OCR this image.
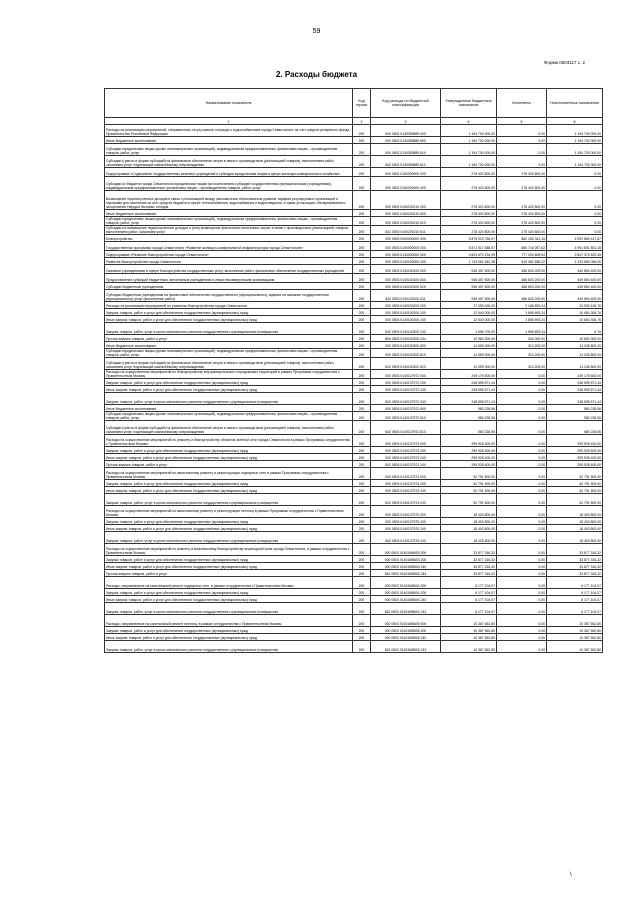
59
Форма 0503117 с. 2
2. Расходы бюджета
Наименование показателя	Код строки	Код расхода по бюджетной классификации	Утвержденные бюджетные назначения	Исполнено	Неисполненные назначения
1	2	3	4	5	6
Расходы на реализацию мероприятий, направленных на улучшение ситуации с водоснабжением города Севастополя, за счет средств резервного фонда Правительства Российской Федерации	200	000 0502 0130359889 000	1 194 700 000,00	0,00	1 194 700 000,00
Иные бюджетные ассигнования	200	000 0502 0130359889 800	1 194 700 000,00	0,00	1 194 700 000,00
Субсидии юридическим лицам (кроме некоммерческих организаций), индивидуальным предпринимателям, физическим лицам – производителям товаров, работ, услуг	200	000 0502 0130359889 810	1 194 700 000,00	0,00	1 194 700 000,00
Субсидии (гранты в форме субсидий) на финансовое обеспечение затрат в связи с производством (реализацией товаров), выполнением работ, оказанием услуг, подлежащие казначейскому сопровождению	200	842 0502 0130359889 812	1 194 700 000,00	0,00	1 194 700 000,00
Подпрограмма «Содержание государственных казенных учреждений и субсидии юридическим лицам в сфере жилищно-коммунального хозяйства»	200	000 0502 0160000000 000	278 420 800,00	278 420 800,00	0,00
Субсидии из бюджета города Севастополя юридическим лицам (за исключением субсидий государственным (муниципальным) учреждениям), индивидуальным предпринимателям, физическим лицам – производителям товаров, работ, услуг	200	000 0502 0160200000 000	278 420 800,00	278 420 800,00	0,00
Возмещение недополученных доходов в связи с реализацией между экономически обоснованным уровнем тарифов регулируемых организаций и тарифами для населения за счет средств бюджета в сфере теплоснабжения, водоснабжения и водоотведения, а также утилизации, обезвреживания и захоронения твердых бытовых отходов	200	000 0502 0160200210 000	278 420 800,00	278 420 800,00	0,00
Иные бюджетные ассигнования	200	000 0502 0160200210 800	278 420 800,00	278 420 800,00	0,00
Субсидии юридическим лицам (кроме некоммерческих организаций), индивидуальным предпринимателям, физическим лицам – производителям товаров, работ, услуг	200	000 0502 0160200210 810	278 420 800,00	278 420 800,00	0,00
Субсидии на возмещение недополученных доходов и (или) возмещение фактически понесенных затрат в связи с производством (реализацией) товаров, выполнением работ, оказанием услуг	200	842 0502 0160200210 811	278 420 800,00	278 420 800,00	0,00
Благоустройство	200	000 0503 0000000000 000	5 875 023 756,97	882 163 341,15	4 992 869 417,87
Государственная программа города Севастополя «Развитие жилищно-коммунальной инфраструктуры города Севастополя»	200	000 0503 0100000000 000	5 872 517 858,97	880 716 057,62	4 991 801 801,15
Подпрограмма «Развитие благоустройства города Севастополя»	200	000 0503 0140000000 000	3 624 670 134,99	777 294 605,54	2 847 375 529,45
Развитие благоустройства города Севастополя	200	000 0503 0140100000 000	1 743 062 542,38	519 482 486,22	1 223 680 056,06
Оказание учреждениями в сфере благоустройства государственных услуг, выполнение работ, финансовое обеспечение государственных учреждений	200	000 0503 0140100100 000	936 457 600,00	486 603 200,00	449 854 400,00
Предоставление субсидий бюджетным, автономным учреждениям и иным некоммерческим организациям	200	000 0503 0140100100 600	936 457 600,00	486 603 200,00	449 854 400,00
Субсидии бюджетным учреждениям	200	000 0503 0140100100 610	936 457 600,00	486 603 200,00	449 854 400,00
Субсидии бюджетным учреждениям на финансовое обеспечение государственного (муниципального) задания на оказание государственных (муниципальных) услуг (выполнение работ)	200	842 0503 0140100100 611	936 457 600,00	486 603 200,00	449 854 400,00
Расходы на реализацию мероприятий по развитию благоустройства города Севастополя	200	000 0503 0140100200 000	27 099 000,00	2 168 893,24	24 930 106,76
Закупка товаров, работ и услуг для обеспечения государственных (муниципальных) нужд	200	000 0503 0140100200 200	12 540 000,00	1 855 693,24	10 684 306,76
Иные закупки товаров, работ и услуг для обеспечения государственных (муниципальных) нужд	200	000 0503 0140100200 240	12 540 000,00	1 855 693,24	10 684 306,76
Закупка товаров, работ, услуг в целях капитального ремонта государственного (муниципального) имущества	200	842 0503 0140100200 243	1 555 700,00	1 555 693,24	6,76
Прочая закупка товаров, работ и услуг	200	864 0503 0140100200 244	10 984 300,00	300 000,00	10 684 300,00
Иные бюджетные ассигнования	200	000 0503 0140100200 800	14 559 000,00	313 200,00	14 245 800,00
Субсидии юридическим лицам (кроме некоммерческих организаций), индивидуальным предпринимателям, физическим лицам – производителям товаров, работ, услуг	200	000 0503 0140100200 810	14 559 000,00	313 200,00	14 245 800,00
Субсидии (гранты в форме субсидий) на финансовое обеспечение затрат в связи с производством (реализацией товаров), выполнением работ, оказанием услуг, подлежащие казначейскому сопровождению	200	842 0503 0140100200 813	14 559 000,00	313 200,00	14 245 800,00
Расходы на осуществление мероприятий по благоустройству внутриквартальных и придомовых территорий в рамках Программы сотрудничества с Правительством Москвы	200	000 0503 0140137972 000	249 175 600,00	0,00	249 175 600,00
Закупка товаров, работ и услуг для обеспечения государственных (муниципальных) нужд	200	000 0503 0140137972 200	248 595 571,44	0,00	248 595 571,44
Иные закупки товаров, работ и услуг для обеспечения государственных (муниципальных) нужд	200	000 0503 0140137972 240	248 595 571,44	0,00	248 595 571,44
Закупка товаров, работ, услуг в целях капитального ремонта государственного (муниципального) имущества	200	842 0503 0140137972 243	248 595 571,44	0,00	248 595 571,44
Иные бюджетные ассигнования	200	000 0503 0140137972 800	580 228,56	0,00	580 228,56
Субсидии юридическим лицам (кроме некоммерческих организаций), индивидуальным предпринимателям, физическим лицам – производителям товаров, работ, услуг	200	000 0503 0140137972 810	580 228,56	0,00	580 228,56
Субсидии (гранты в форме субсидий) на финансовое обеспечение затрат в связи с производством (реализацией товаров), выполнением работ, оказанием услуг, подлежащие казначейскому сопровождению	200	842 0503 0140137972 813	580 228,56	0,00	580 228,56
Расходы на осуществление мероприятий по ремонту и благоустройству объектов зеленой сети города Севастополя в рамках Программы сотрудничества с Правительством Москвы	200	000 0503 0140137973 000	299 928 400,00	0,00	299 928 400,00
Закупка товаров, работ и услуг для обеспечения государственных (муниципальных) нужд	200	000 0503 0140137973 200	299 928 400,00	0,00	299 928 400,00
Иные закупки товаров, работ и услуг для обеспечения государственных (муниципальных) нужд	200	000 0503 0140137973 240	299 928 400,00	0,00	299 928 400,00
Прочая закупка товаров, работ и услуг	200	842 0503 0140137973 244	299 928 400,00	0,00	299 928 400,00
Расходы на осуществление мероприятий по капитальному ремонту и реконструкции подпорных стен в рамках Программы сотрудничества с Правительством Москвы	200	000 0503 0140137974 000	52 791 500,00	0,00	52 791 500,00
Закупка товаров, работ и услуг для обеспечения государственных (муниципальных) нужд	200	000 0503 0140137974 200	52 791 500,00	0,00	52 791 500,00
Иные закупки товаров, работ и услуг для обеспечения государственных (муниципальных) нужд	200	000 0503 0140137974 240	52 791 500,00	0,00	52 791 500,00
Закупка товаров, работ, услуг в целях капитального ремонта государственного (муниципального) имущества	200	842 0503 0140137974 243	52 791 500,00	0,00	52 791 500,00
Расходы на осуществление мероприятий по капитальному ремонту и реконструкции лестниц в рамках Программы сотрудничества с Правительством Москвы	200	000 0503 0140137975 000	18 403 800,00	0,00	18 403 800,00
Закупка товаров, работ и услуг для обеспечения государственных (муниципальных) нужд	200	000 0503 0140137975 200	18 403 800,00	0,00	18 403 800,00
Иные закупки товаров, работ и услуг для обеспечения государственных (муниципальных) нужд	200	000 0503 0140137975 240	18 403 800,00	0,00	18 403 800,00
Закупка товаров, работ, услуг в целях капитального ремонта государственного (муниципального) имущества	200	842 0503 0140137975 243	18 403 800,00	0,00	18 403 800,00
Расходы на осуществление мероприятий по ремонту и комплексному благоустройству пешеходной зоны города Севастополя, в рамках сотрудничества с Правительством Москвы	200	000 0503 01401М8603 000	33 877 316,32	0,00	33 877 316,32
Закупка товаров, работ и услуг для обеспечения государственных (муниципальных) нужд	200	000 0503 01401М8603 200	33 877 316,32	0,00	33 877 316,32
Иные закупки товаров, работ и услуг для обеспечения государственных (муниципальных) нужд	200	000 0503 01401М8603 240	33 877 316,32	0,00	33 877 316,32
Прочая закупка товаров, работ и услуг	200	842 0503 01401М8603 244	33 877 316,32	0,00	33 877 316,32
Расходы, направленные на капитальный ремонт подпорных стен, в рамках сотрудничества с Правительством Москвы	200	000 0503 01401М8604 000	6 177 104,07	0,00	6 177 104,07
Закупка товаров, работ и услуг для обеспечения государственных (муниципальных) нужд	200	000 0503 01401М8604 200	6 177 104,07	0,00	6 177 104,07
Иные закупки товаров, работ и услуг для обеспечения государственных (муниципальных) нужд	200	000 0503 01401М8604 240	6 177 104,07	0,00	6 177 104,07
Закупка товаров, работ, услуг в целях капитального ремонта государственного (муниципального) имущества	200	842 0503 01401М8604 243	6 177 104,07	0,00	6 177 104,07
Расходы, направленные на капитальный ремонт лестниц, в рамках сотрудничества с Правительством Москвы	200	000 0503 01401М8605 000	10 367 562,80	0,00	10 367 562,80
Закупка товаров, работ и услуг для обеспечения государственных (муниципальных) нужд	200	000 0503 01401М8605 200	10 367 562,80	0,00	10 367 562,80
Иные закупки товаров, работ и услуг для обеспечения государственных (муниципальных) нужд	200	000 0503 01401М8605 240	10 367 562,80	0,00	10 367 562,80
Закупка товаров, работ, услуг в целях капитального ремонта государственного (муниципального) имущества	200	842 0503 01401М8605 243	10 367 562,80	0,00	10 367 562,80
\
